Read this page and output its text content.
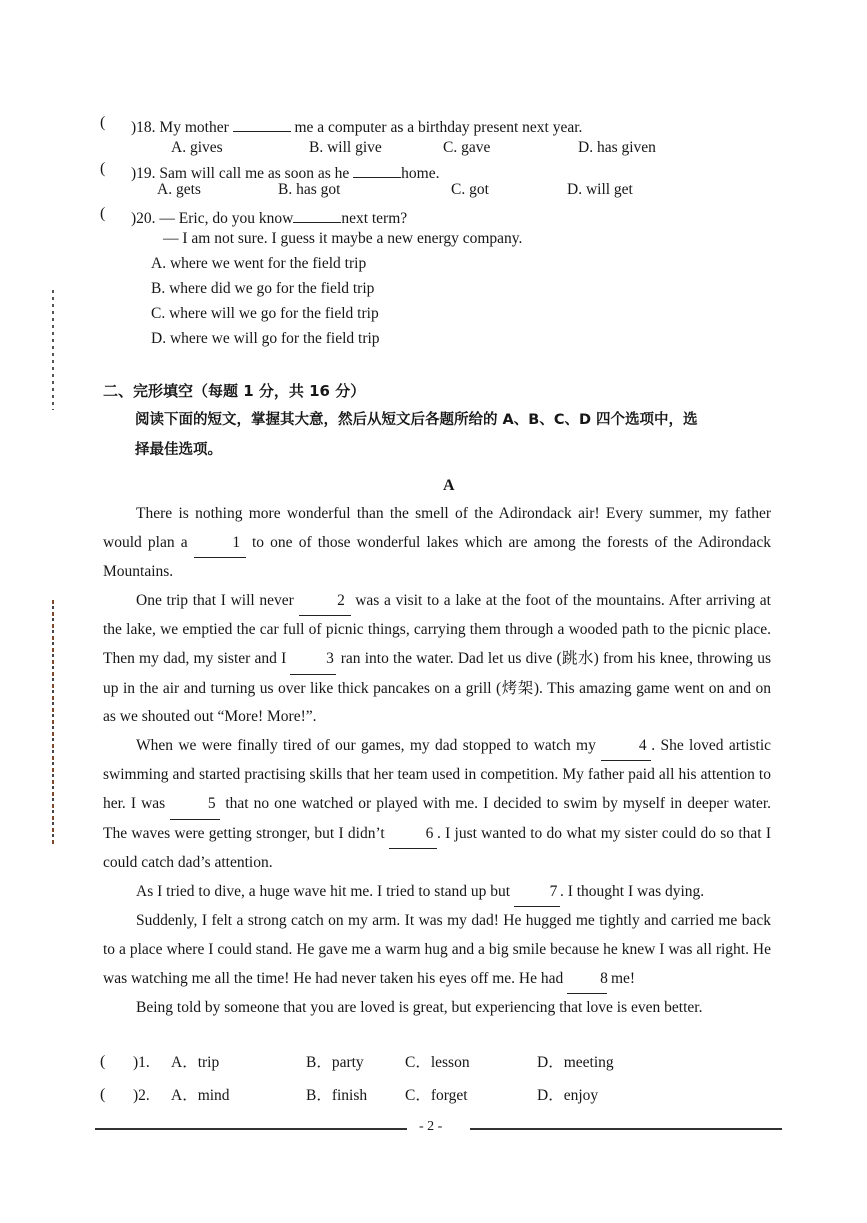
( )18. My mother	me a computer as a birthday present next year.
A. gives	B. will give	C. gave	D. has given
( )19. Sam will call me as soon as he	home.
A. gets	B. has got	C. got	D. will get
( )20. — Eric, do you know	next term?
— I am not sure. I guess it maybe a new energy company.
A. where we went for the field trip
B. where did we go for the field trip
C. where will we go for the field trip
D. where we will go for the field trip
二、完形填空（每题 1 分，共 16 分）
阅读下面的短文，掌握其大意，然后从短文后各题所给的 A、B、C、D 四个选项中，选
择最佳选项。
A

There is nothing more wonderful than the smell of the Adirondack air! Every summer, my father would plan a	1 to one of those wonderful lakes which are among the forests of the Adirondack Mountains.

One trip that I will never	2 was a visit to a lake at the foot of the mountains. After arriving at the lake, we emptied the car full of picnic things, carrying them through a wooded path to the picnic place. Then my dad, my sister and I	3 ran into the water. Dad let us dive (跳水) from his knee, throwing us up in the air and turning us over like thick pancakes on a grill (烤架). This amazing game went on and on as we shouted out “More! More!”.

When we were finally tired of our games, my dad stopped to watch my	4 . She loved artistic swimming and started practising skills that her team used in competition. My father paid all his attention to her. I was	5 that no one watched or played with me. I decided to swim by myself in deeper water. The waves were getting stronger, but I didn’t	6 . I just wanted to do what my sister could do so that I could catch dad’s attention.

As I tried to dive, a huge wave hit me. I tried to stand up but	7 . I thought I was dying.

Suddenly, I felt a strong catch on my arm. It was my dad! He hugged me tightly and carried me back to a place where I could stand. He gave me a warm hug and a big smile because he knew I was all right. He was watching me all the time! He had never taken his eyes off me. He had 8 me!

Being told by someone that you are loved is great, but experiencing that love is even better.

( )1. A．trip	B．party	C．lesson	D．meeting
( )2. A．mind	B．finish C．forget	D．enjoy
- 2 -
